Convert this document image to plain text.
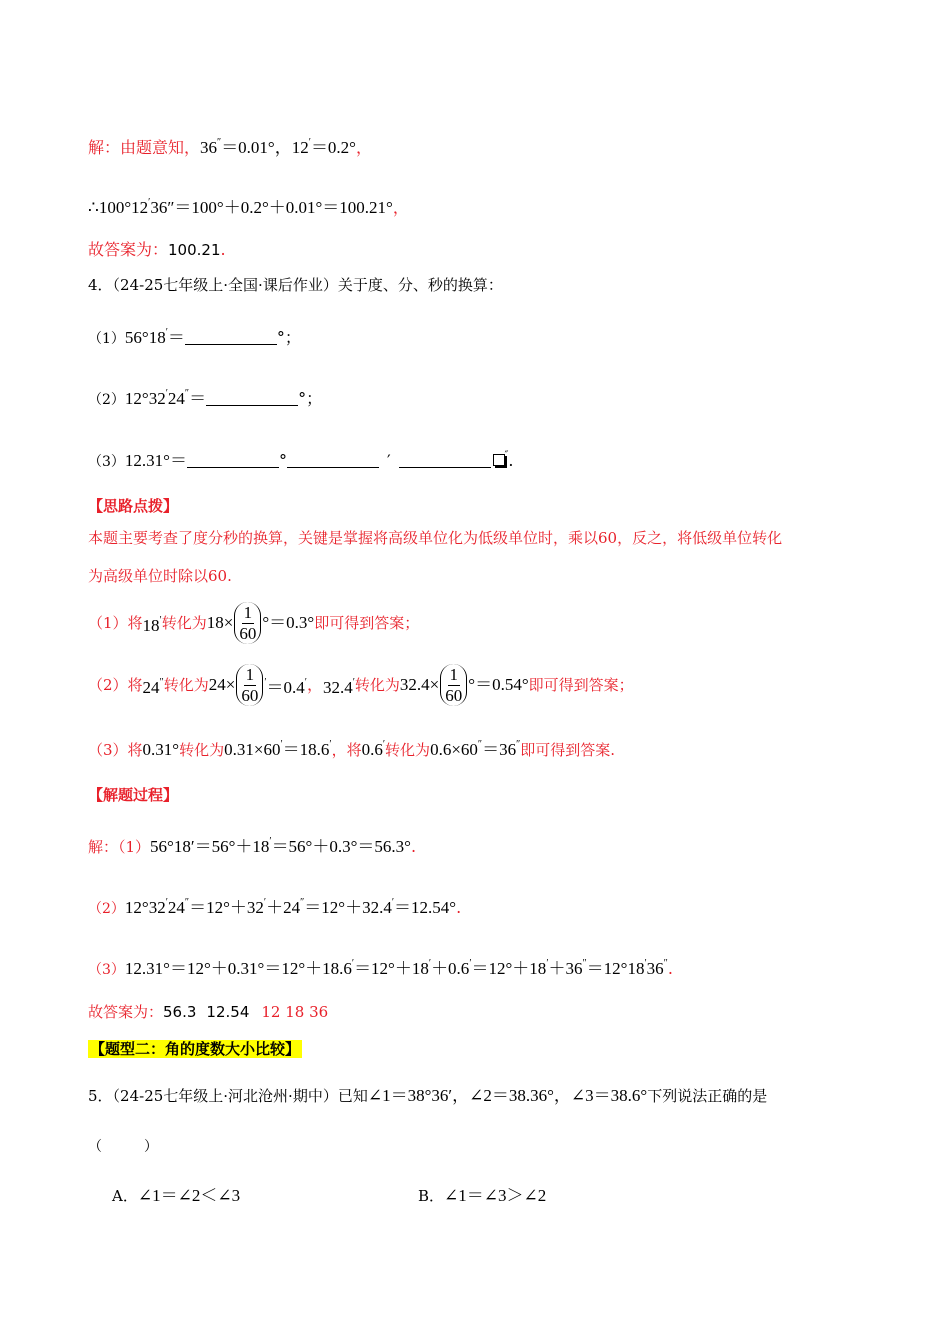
解：由题意知，36″＝0.01°，12′＝0.2°，
∴100°12′36″＝100°＋0.2°＋0.01°＝100.21°，
故答案为：100.21.
4．（24-25七年级上·全国·课后作业）关于度、分、秒的换算：
（1）56°18′＝	°；
（2）12°32′24″＝	°；
（3）12.31°＝	°	′	″.
【思路点拨】
本题主要考查了度分秒的换算，关键是掌握将高级单位化为低级单位时，乘以60，反之，将低级单位转化
为高级单位时除以60.
（1）将 18′ 转化为 $18\times \frac{1}{60} ^\circ=0.3^\circ$ 即可得到答案；
（2）将 24″ 转化为 $24\times \frac{1}{60} '=0.4'$ ， 32.4′ 转化为 $32.4\times \frac{1}{60} ^\circ=0.54^\circ$ 即可得到答案；
（3）将0.31°转化为0.31×60′＝18.6′，将0.6′转化为0.6×60″＝36″即可得到答案.
【解题过程】
解：（1）56°18′＝56°＋18′＝56°＋0.3°＝56.3°.
（2）12°32′24″＝12°＋32′＋24″＝12°＋32.4′＝12.54°.
（3）12.31°＝12°＋0.31°＝12°＋18.6′＝12°＋18′＋0.6′＝12°＋18′＋36″＝12°18′36″.
故答案为：56.3 12.54 12 18 36
【题型二：角的度数大小比较】
5．（24-25七年级上·河北沧州·期中）已知∠1＝38°36′，∠2＝38.36°，∠3＝38.6°下列说法正确的是
（　　　）
A．∠1＝∠2＜∠3	B．∠1＝∠3＞∠2
